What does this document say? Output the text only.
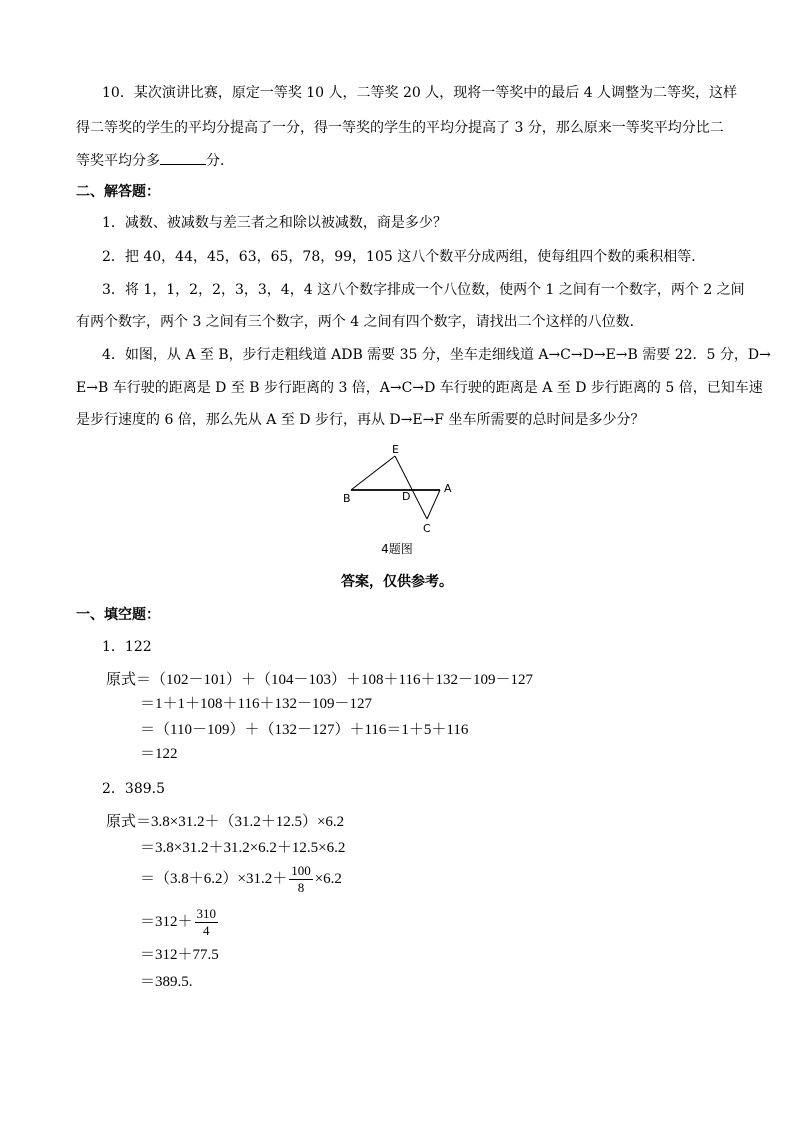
10．某次演讲比赛，原定一等奖 10 人，二等奖 20 人，现将一等奖中的最后 4 人调整为二等奖，这样
得二等奖的学生的平均分提高了一分，得一等奖的学生的平均分提高了 3 分，那么原来一等奖平均分比二
等奖平均分多	分．
二、解答题：
1．减数、被减数与差三者之和除以被减数，商是多少？
2．把 40，44，45，63，65，78，99，105 这八个数平分成两组，使每组四个数的乘积相等．
3．将 1，1，2，2，3，3，4，4 这八个数字排成一个八位数，使两个 1 之间有一个数字，两个 2 之间
有两个数字，两个 3 之间有三个数字，两个 4 之间有四个数字，请找出二个这样的八位数．
4．如图，从 A 至 B，步行走粗线道 ADB 需要 35 分，坐车走细线道 A→C→D→E→B 需要 22．5 分，D→
E→B 车行驶的距离是 D 至 B 步行距离的 3 倍，A→C→D 车行驶的距离是 A 至 D 步行距离的 5 倍，已知车速
是步行速度的 6 倍，那么先从 A 至 D 步行，再从 D→E→F 坐车所需要的总时间是多少分？
E
B	D
A
C
4题图
答案，仅供参考。
一、填空题：
1．122
原式＝（102－101）＋（104－103）＋108＋116＋132－109－127
＝1＋1＋108＋116＋132－109－127
＝（110－109）＋（132－127）＋116＝1＋5＋116
＝122
2．389.5
原式＝3.8×31.2＋（31.2＋12.5）×6.2
＝3.8×31.2＋31.2×6.2＋12.5×6.2
$=(3.8+6.2)\times 31.2+ \frac{100}{8} \times 6.2$
$=312+ \frac{310}{4}$
＝312＋77.5
＝389.5.
